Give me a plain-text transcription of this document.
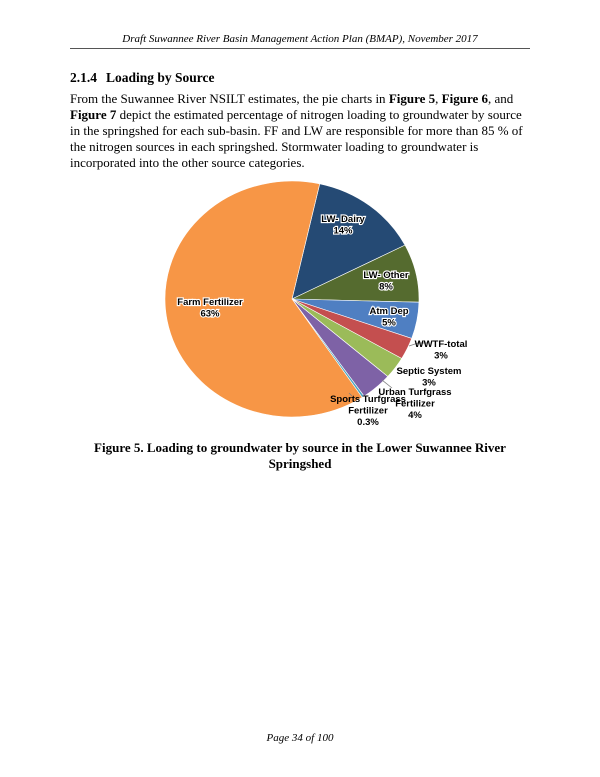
Draft Suwannee River Basin Management Action Plan (BMAP), November 2017
2.1.4 Loading by Source

From the Suwannee River NSILT estimates, the pie charts in Figure 5, Figure 6, and Figure 7 depict the estimated percentage of nitrogen loading to groundwater by source in the springshed for each sub-basin. FF and LW are responsible for more than 85 % of the nitrogen sources in each springshed. Stormwater loading to groundwater is incorporated into the other source categories.

LW- Dairy 14%
LW- Other 8%
Atm Dep 5%
WWTF-total 3%
Septic System 3%
Urban Turfgrass Fertilizer 4%
Sports Turfgrass Fertilizer 0.3%
Farm Fertilizer 63%
Figure 5. Loading to groundwater by source in the Lower Suwannee River Springshed
Page 34 of 100
